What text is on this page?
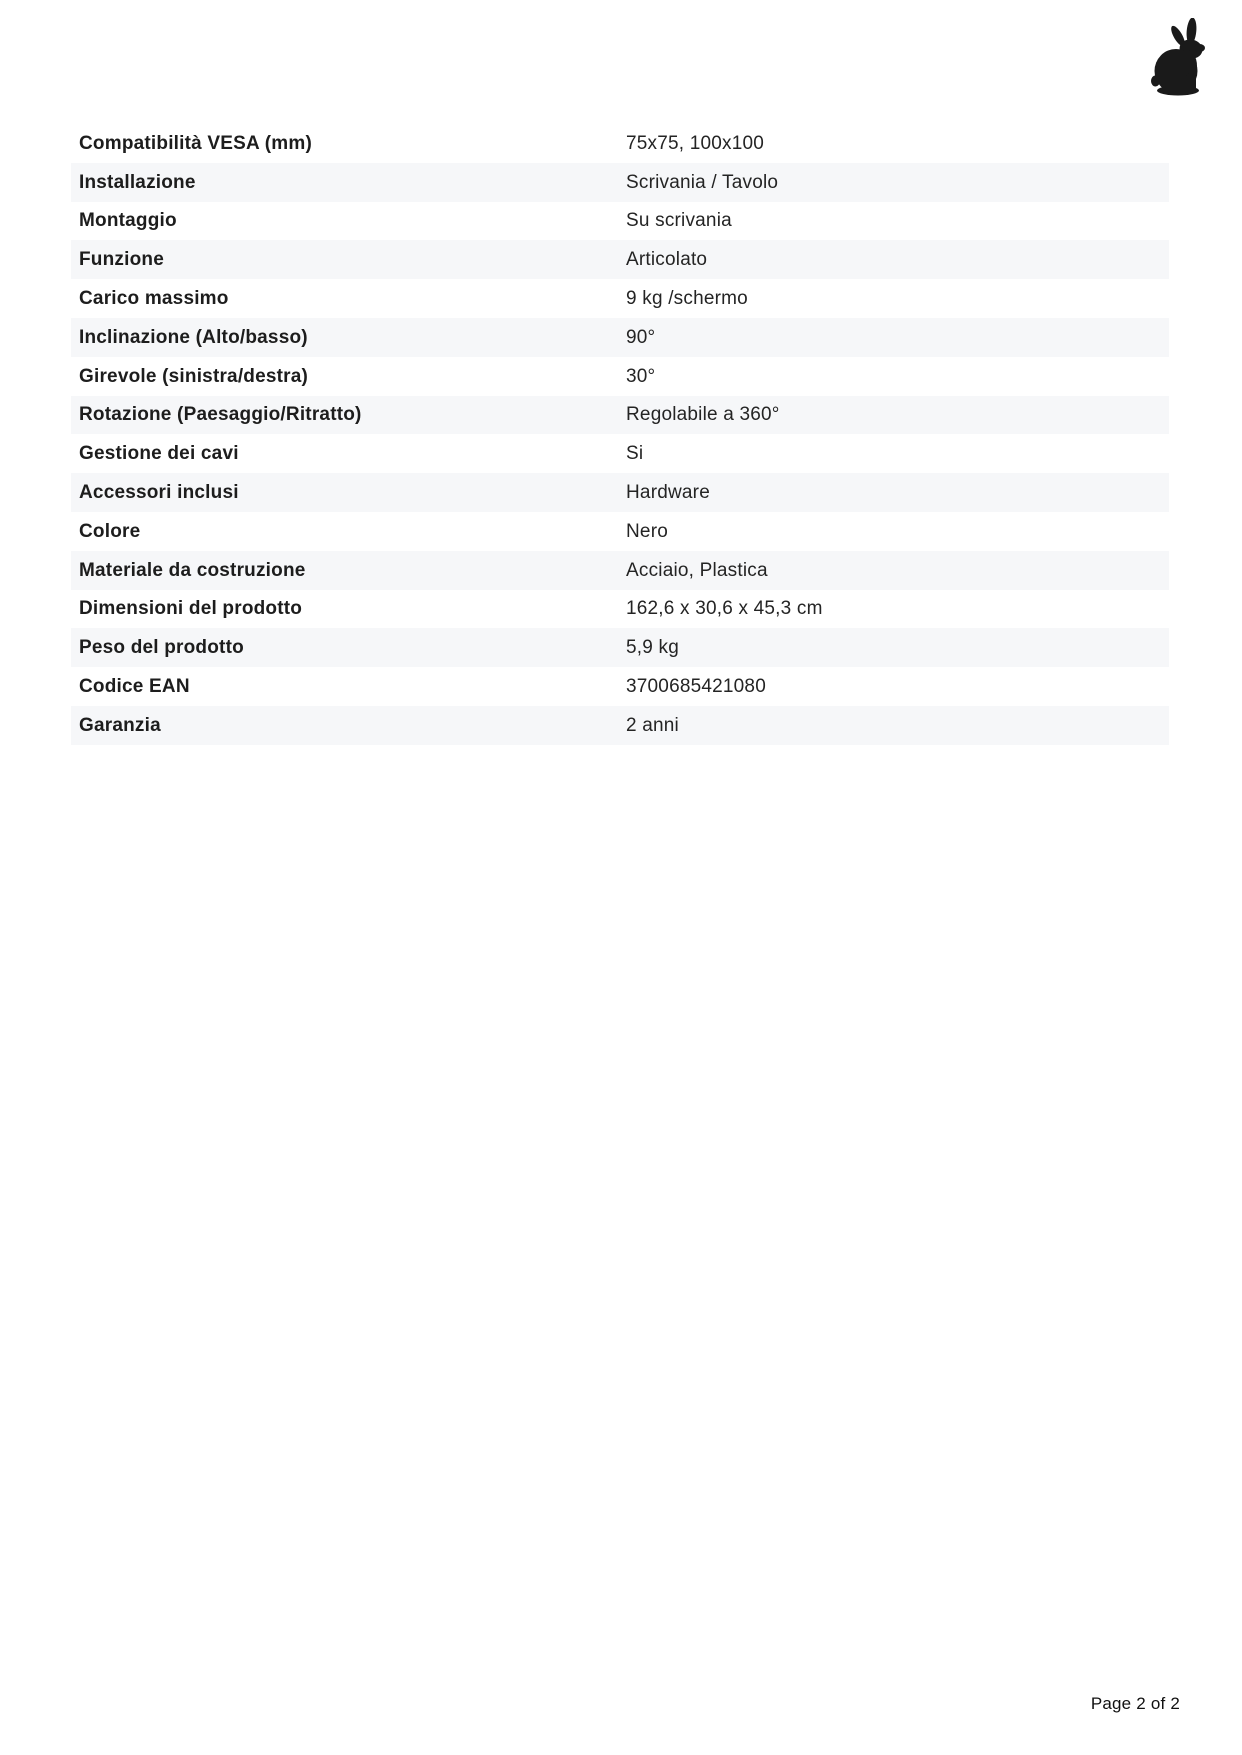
Compatibilità VESA (mm)	75x75, 100x100
Installazione	Scrivania / Tavolo
Montaggio	Su scrivania
Funzione	Articolato
Carico massimo	9 kg /schermo
Inclinazione (Alto/basso)	90°
Girevole (sinistra/destra)	30°
Rotazione (Paesaggio/Ritratto)	Regolabile a 360°
Gestione dei cavi	Si
Accessori inclusi	Hardware
Colore	Nero
Materiale da costruzione	Acciaio, Plastica
Dimensioni del prodotto	162,6 x 30,6 x 45,3 cm
Peso del prodotto	5,9 kg
Codice EAN	3700685421080
Garanzia	2 anni
Page 2 of 2
